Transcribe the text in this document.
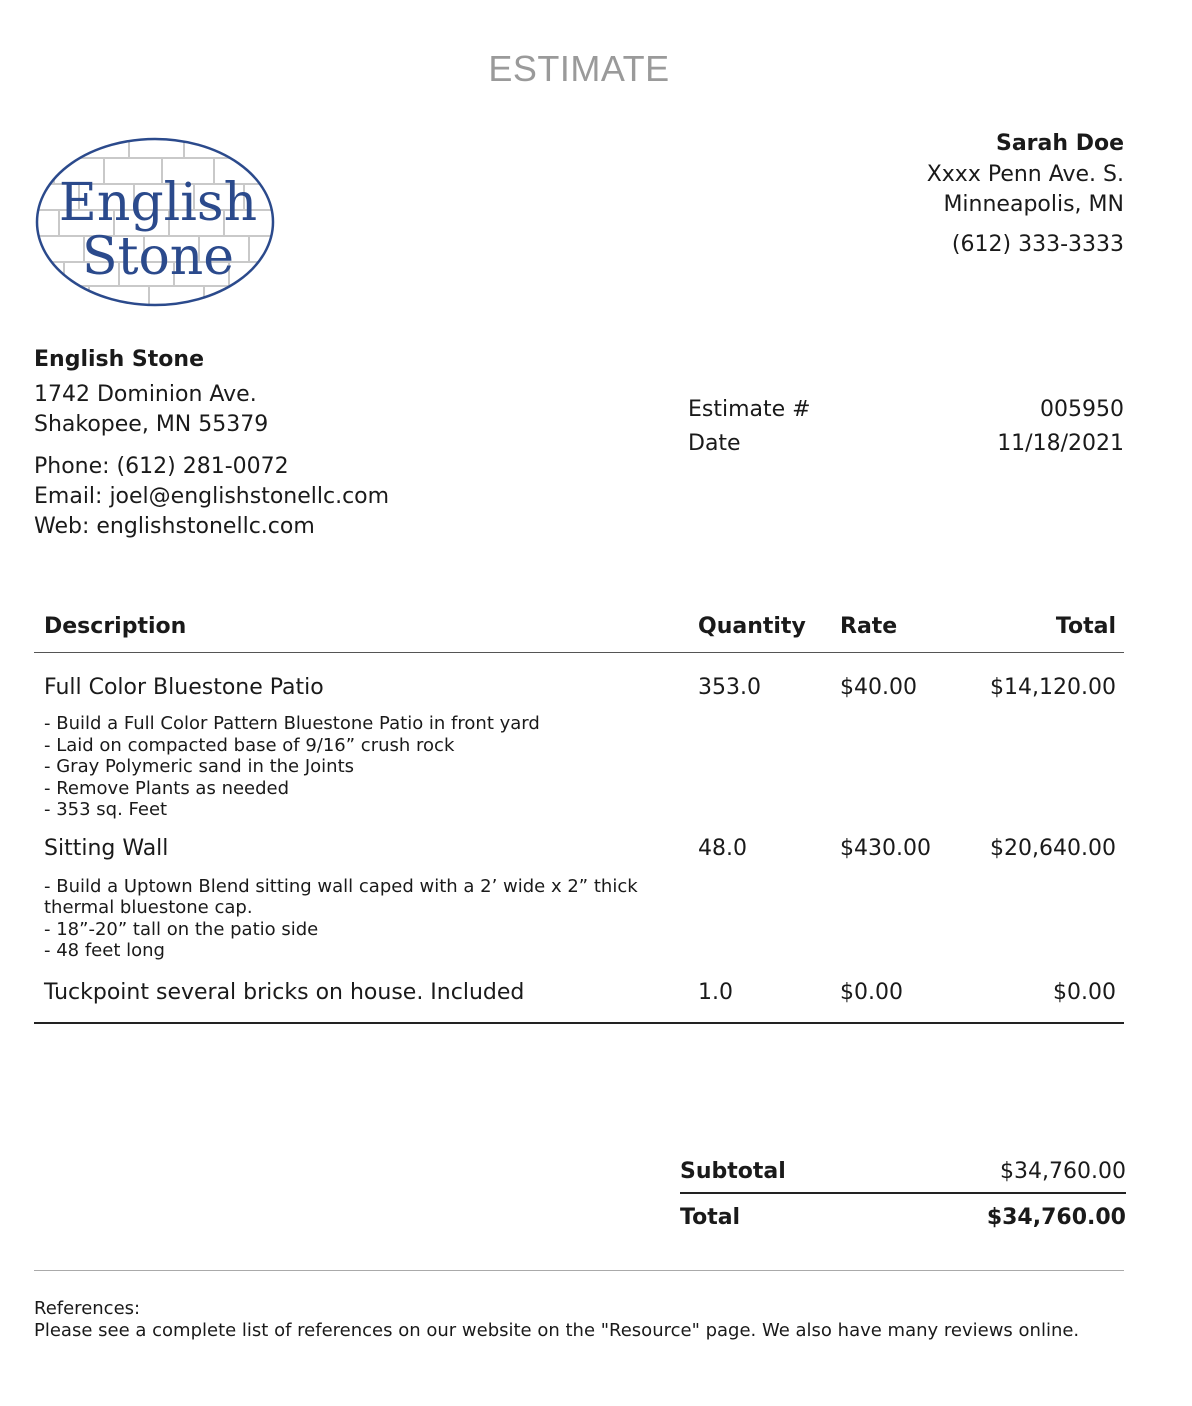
ESTIMATE
English
Stone
Sarah Doe
Xxxx Penn Ave. S.
Minneapolis, MN
(612) 333-3333
English Stone
1742 Dominion Ave.
Shakopee, MN 55379
Phone: (612) 281-0072
Email: joel@englishstonellc.com
Web: englishstonellc.com
Estimate #	005950
Date	11/18/2021
Description	Quantity	Rate	Total
Full Color Bluestone Patio	353.0	$40.00	$14,120.00
- Build a Full Color Pattern Bluestone Patio in front yard
- Laid on compacted base of 9/16” crush rock
- Gray Polymeric sand in the Joints
- Remove Plants as needed
- 353 sq. Feet
Sitting Wall	48.0	$430.00	$20,640.00
- Build a Uptown Blend sitting wall caped with a 2’ wide x 2” thick
thermal bluestone cap.
- 18”-20” tall on the patio side
- 48 feet long
Tuckpoint several bricks on house. Included	1.0	$0.00	$0.00
Subtotal	$34,760.00
Total	$34,760.00
References:
Please see a complete list of references on our website on the "Resource" page. We also have many reviews online.
